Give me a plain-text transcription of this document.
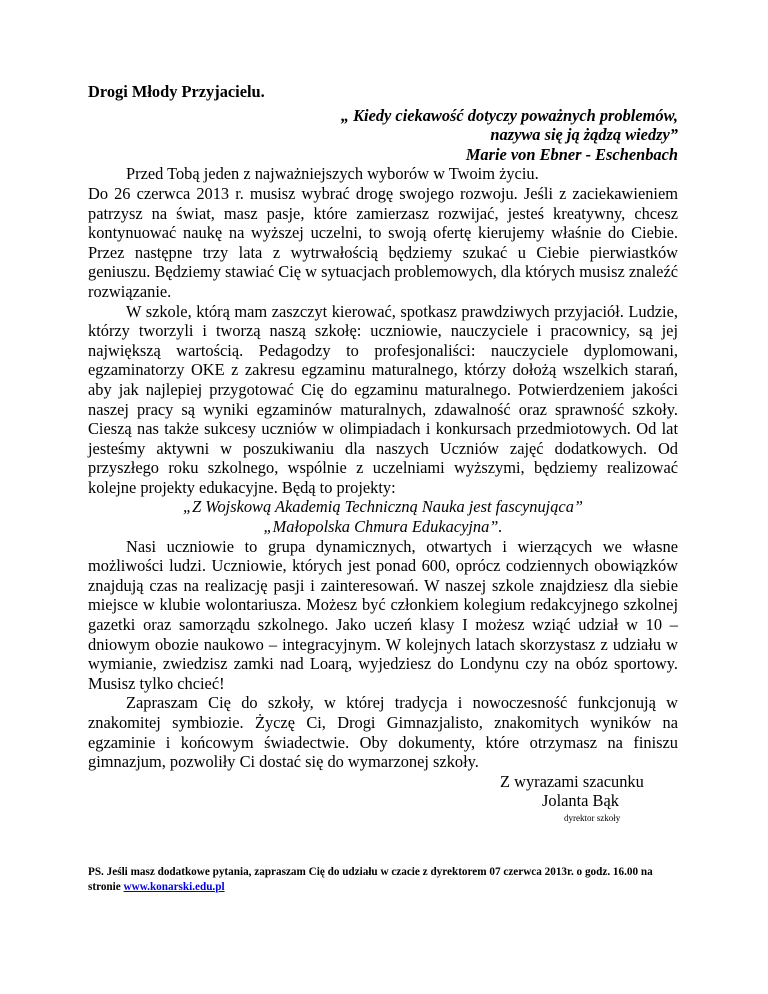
Drogi Młody Przyjacielu.

„ Kiedy ciekawość dotyczy poważnych problemów,

nazywa się ją żądzą wiedzy”

Marie von Ebner - Eschenbach

Przed Tobą jeden z najważniejszych wyborów w Twoim życiu.

Do 26 czerwca 2013 r. musisz wybrać drogę swojego rozwoju. Jeśli z zaciekawieniem patrzysz na świat, masz pasje, które zamierzasz rozwijać, jesteś kreatywny, chcesz kontynuować naukę na wyższej uczelni, to swoją ofertę kierujemy właśnie do Ciebie. Przez następne trzy lata z wytrwałością będziemy szukać u Ciebie pierwiastków geniuszu. Będziemy stawiać Cię w sytuacjach problemowych, dla których musisz znaleźć rozwiązanie.

W szkole, którą mam zaszczyt kierować, spotkasz prawdziwych przyjaciół. Ludzie, którzy tworzyli i tworzą naszą szkołę: uczniowie, nauczyciele i pracownicy, są jej największą wartością. Pedagodzy to profesjonaliści: nauczyciele dyplomowani, egzaminatorzy OKE z zakresu egzaminu maturalnego, którzy dołożą wszelkich starań, aby jak najlepiej przygotować Cię do egzaminu maturalnego. Potwierdzeniem jakości naszej pracy są wyniki egzaminów maturalnych, zdawalność oraz sprawność szkoły. Cieszą nas także sukcesy uczniów w olimpiadach i konkursach przedmiotowych. Od lat jesteśmy aktywni w poszukiwaniu dla naszych Uczniów zajęć dodatkowych. Od przyszłego roku szkolnego, wspólnie z uczelniami wyższymi, będziemy realizować kolejne projekty edukacyjne. Będą to projekty:

„Z Wojskową Akademią Techniczną Nauka jest fascynująca”

„Małopolska Chmura Edukacyjna”.

Nasi uczniowie to grupa dynamicznych, otwartych i wierzących we własne możliwości ludzi. Uczniowie, których jest ponad 600, oprócz codziennych obowiązków znajdują czas na realizację pasji i zainteresowań. W naszej szkole znajdziesz dla siebie miejsce w klubie wolontariusza. Możesz być członkiem kolegium redakcyjnego szkolnej gazetki oraz samorządu szkolnego. Jako uczeń klasy I możesz wziąć udział w 10 – dniowym obozie naukowo – integracyjnym. W kolejnych latach skorzystasz z udziału w wymianie, zwiedzisz zamki nad Loarą, wyjedziesz do Londynu czy na obóz sportowy. Musisz tylko chcieć!

Zapraszam Cię do szkoły, w której tradycja i nowoczesność funkcjonują w znakomitej symbiozie. Życzę Ci, Drogi Gimnazjalisto, znakomitych wyników na egzaminie i końcowym świadectwie. Oby dokumenty, które otrzymasz na finiszu gimnazjum, pozwoliły Ci dostać się do wymarzonej szkoły.

Z wyrazami szacunku

Jolanta Bąk

dyrektor szkoły

PS. Jeśli masz dodatkowe pytania, zapraszam Cię do udziału w czacie z dyrektorem 07 czerwca 2013r. o godz. 16.00 na stronie www.konarski.edu.pl
